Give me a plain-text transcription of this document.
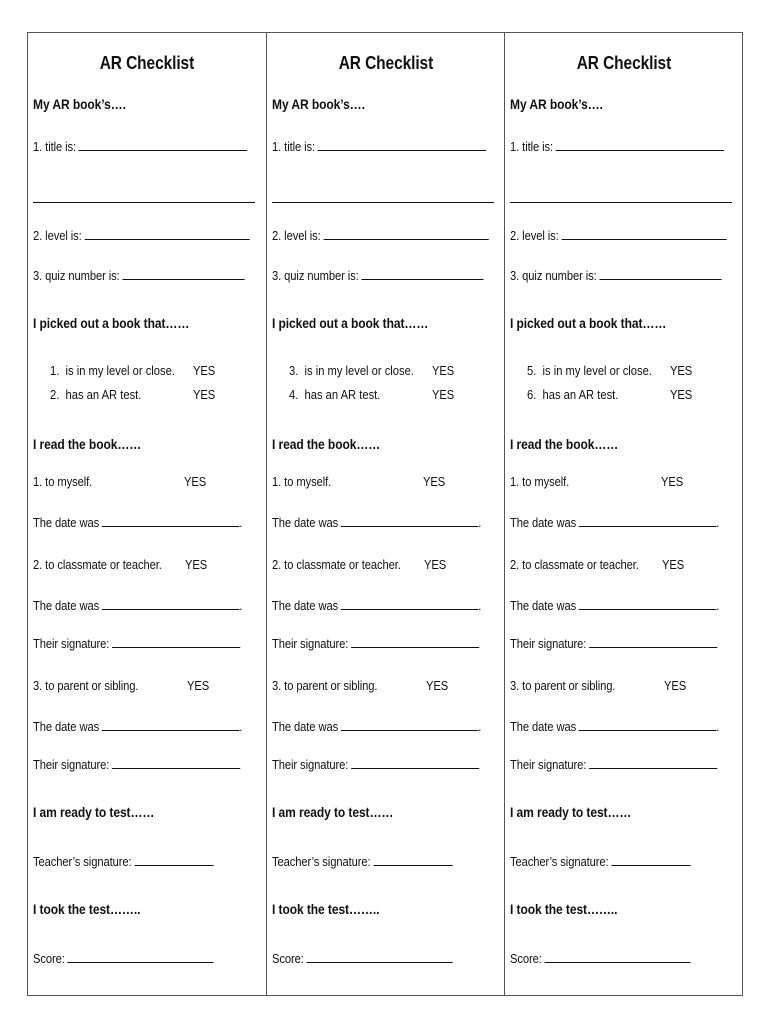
AR Checklist
My AR book’s….
1. title is:
2. level is:
3. quiz number is:
I picked out a book that……
1. is in my level or close. YES
2. has an AR test.	YES
I read the book……
1. to myself.	YES
The date was	.
2. to classmate or teacher.	YES
The date was	.
Their signature:
3. to parent or sibling.	YES
The date was	.
Their signature:
I am ready to test……
Teacher’s signature:
I took the test……..
Score:
AR Checklist
My AR book’s….
1. title is:
2. level is:
3. quiz number is:
I picked out a book that……
3. is in my level or close. YES
4. has an AR test.	YES
I read the book……
1. to myself.	YES
The date was	.
2. to classmate or teacher.	YES
The date was	.
Their signature:
3. to parent or sibling.	YES
The date was	.
Their signature:
I am ready to test……
Teacher’s signature:
I took the test……..
Score:
AR Checklist
My AR book’s….
1. title is:
2. level is:
3. quiz number is:
I picked out a book that……
5. is in my level or close. YES
6. has an AR test.	YES
I read the book……
1. to myself.	YES
The date was	.
2. to classmate or teacher.	YES
The date was	.
Their signature:
3. to parent or sibling.	YES
The date was	.
Their signature:
I am ready to test……
Teacher’s signature:
I took the test……..
Score:
